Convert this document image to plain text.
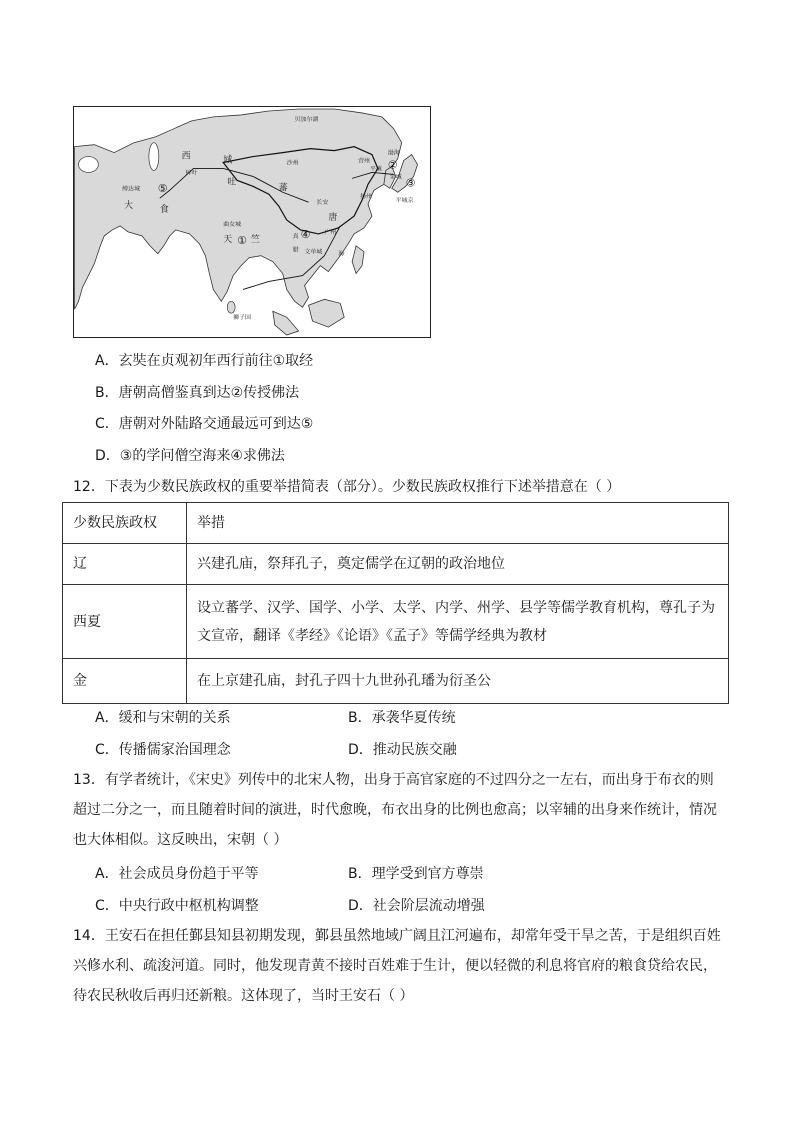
贝加尔湖
西	域	沙州
碎叶
吐
蕃
营州
平壤
渤海
长安
唐
扬州
金城
平城京
大	食
缚达城
曲女城
天 竺
广州
真
腊 文单城
狮子国
海
①
②
③
④
⑤
A．玄奘在贞观初年西行前往①取经
B．唐朝高僧鉴真到达②传授佛法
C．唐朝对外陆路交通最远可到达⑤
D．③的学问僧空海来④求佛法

12．下表为少数民族政权的重要举措简表（部分）。少数民族政权推行下述举措意在（ ）

少数民族政权	举措
辽	兴建孔庙，祭拜孔子，奠定儒学在辽朝的政治地位
西夏	设立蕃学、汉学、国学、小学、太学、内学、州学、县学等儒学教育机构，尊孔子为文宣帝，翻译《孝经》《论语》《孟子》等儒学经典为教材
金	在上京建孔庙，封孔子四十九世孙孔璠为衍圣公
A．缓和与宋朝的关系	B．承袭华夏传统
C．传播儒家治国理念	D．推动民族交融

13．有学者统计，《宋史》列传中的北宋人物，出身于高官家庭的不过四分之一左右，而出身于布衣的则超过二分之一，而且随着时间的演进，时代愈晚，布衣出身的比例也愈高；以宰辅的出身来作统计，情况也大体相似。这反映出，宋朝（ ）

A．社会成员身份趋于平等	B．理学受到官方尊崇
C．中央行政中枢机构调整	D．社会阶层流动增强

14．王安石在担任鄞县知县初期发现，鄞县虽然地域广阔且江河遍布，却常年受干旱之苦，于是组织百姓兴修水利、疏浚河道。同时，他发现青黄不接时百姓难于生计，便以轻微的利息将官府的粮食贷给农民，待农民秋收后再归还新粮。这体现了，当时王安石（ ）
